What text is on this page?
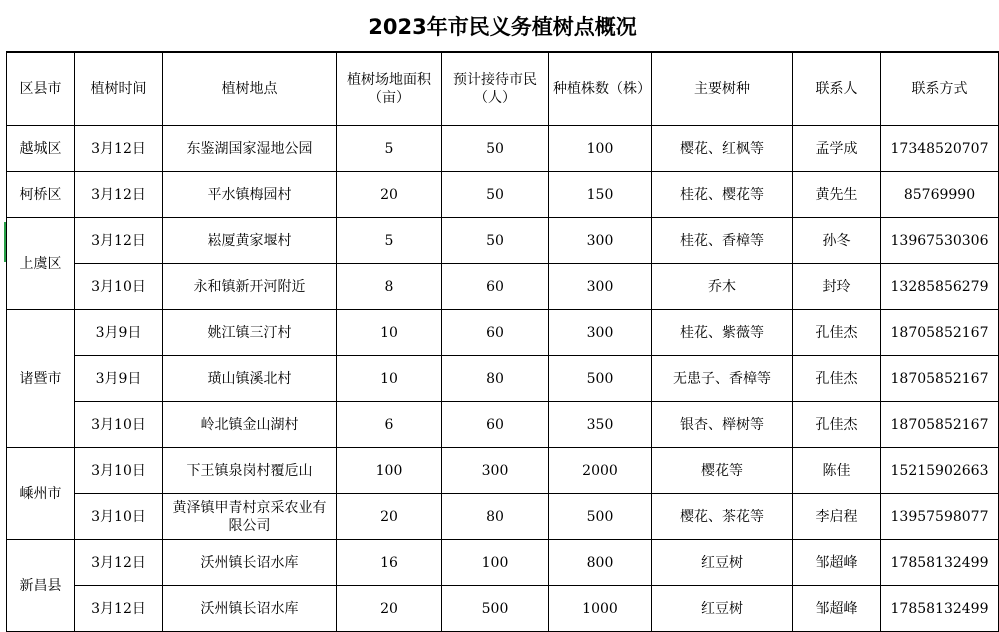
2023年市民义务植树点概况
区县市	植树时间	植树地点	植树场地面积（亩）	预计接待市民（人）	种植株数（株）	主要树种	联系人	联系方式
越城区	3月12日	东鉴湖国家湿地公园	5	50	100	樱花、红枫等	孟学成	17348520707
柯桥区	3月12日	平水镇梅园村	20	50	150	桂花、樱花等	黄先生	85769990
上虞区	3月12日	崧厦黄家堰村	5	50	300	桂花、香樟等	孙冬	13967530306
	3月10日	永和镇新开河附近	8	60	300	乔木	封玲	13285856279
诸暨市	3月9日	姚江镇三汀村	10	60	300	桂花、紫薇等	孔佳杰	18705852167
	3月9日	璜山镇溪北村	10	80	500	无患子、香樟等	孔佳杰	18705852167
	3月10日	岭北镇金山湖村	6	60	350	银杏、榉树等	孔佳杰	18705852167
嵊州市	3月10日	下王镇泉岗村覆卮山	100	300	2000	樱花等	陈佳	15215902663
	3月10日	黄泽镇甲青村京采农业有限公司	20	80	500	樱花、茶花等	李启程	13957598077
新昌县	3月12日	沃州镇长诏水库	16	100	800	红豆树	邹超峰	17858132499
	3月12日	沃州镇长诏水库	20	500	1000	红豆树	邹超峰	17858132499
